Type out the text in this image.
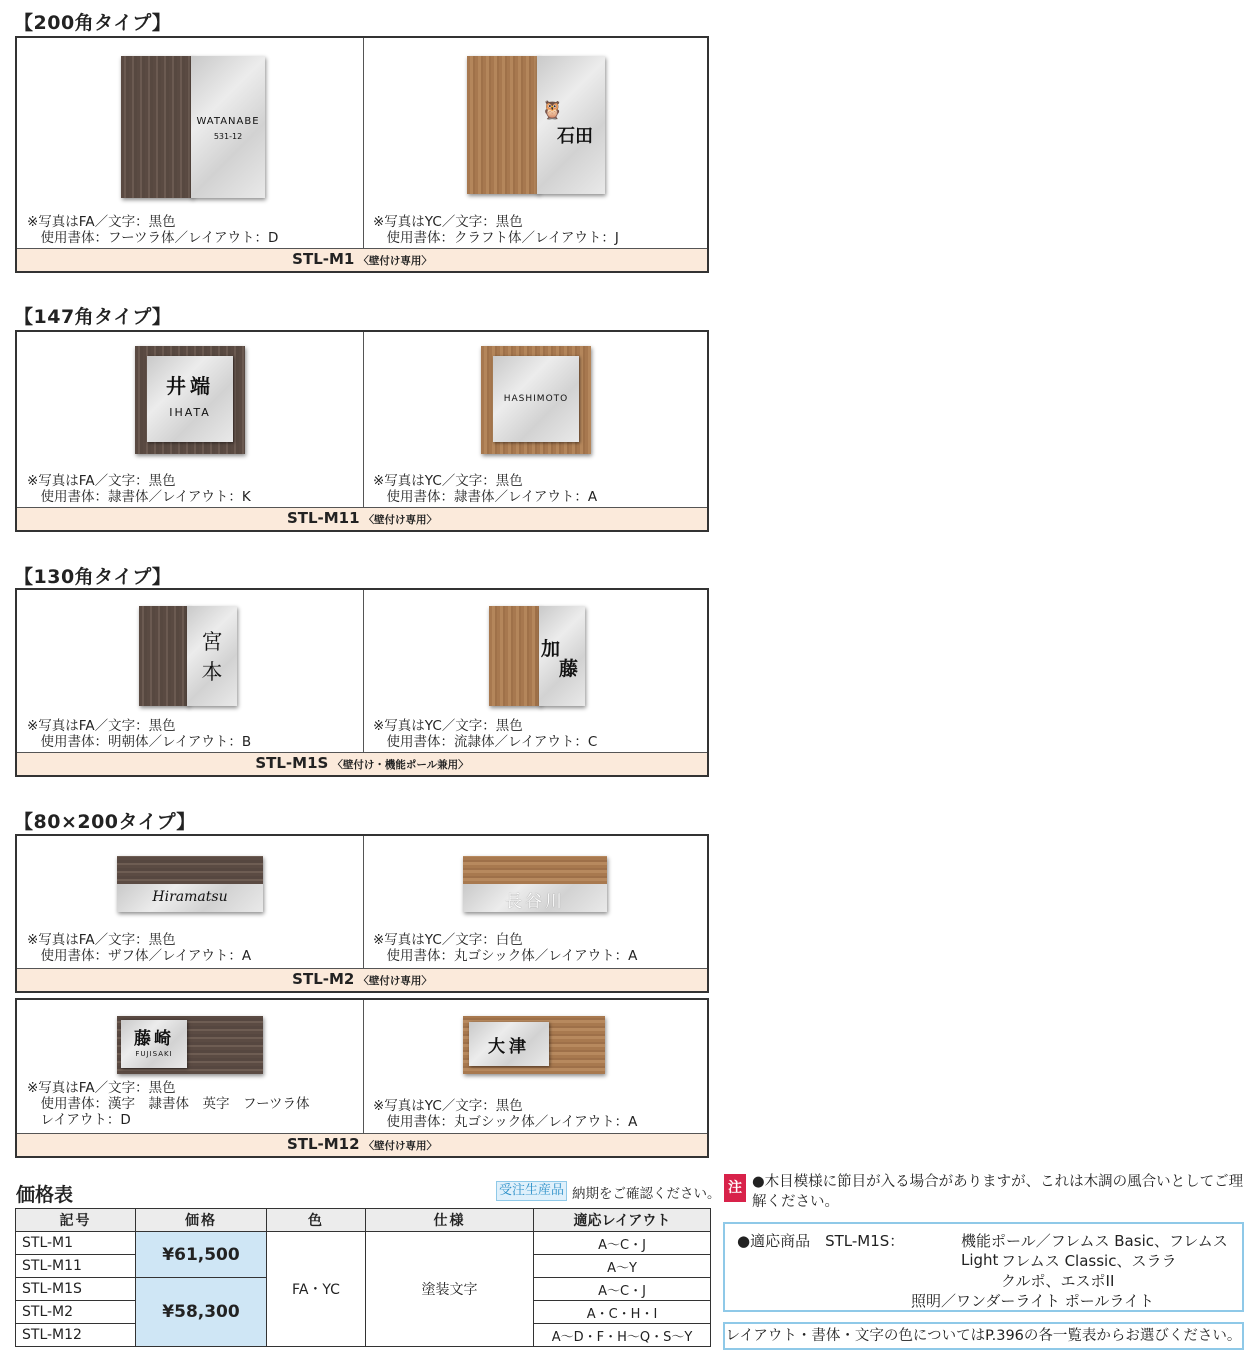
【200角タイプ】
WATANABE
531-12
※写真はFA／文字：黒色
　使用書体：フーツラ体／レイアウト：D
🦉
石田
※写真はYC／文字：黒色
　使用書体：クラフト体／レイアウト：J
STL-M1 〈壁付け専用〉
【147角タイプ】
井端
IHATA
※写真はFA／文字：黒色
　使用書体：隷書体／レイアウト：K
HASHIMOTO
※写真はYC／文字：黒色
　使用書体：隷書体／レイアウト：A
STL-M11 〈壁付け専用〉
【130角タイプ】
宮
本
※写真はFA／文字：黒色
　使用書体：明朝体／レイアウト：B
加
藤
※写真はYC／文字：黒色
　使用書体：流隷体／レイアウト：C
STL-M1S 〈壁付け・機能ポール兼用〉
【80×200タイプ】
Hiramatsu
※写真はFA／文字：黒色
　使用書体：ザフ体／レイアウト：A
長谷川
※写真はYC／文字：白色
　使用書体：丸ゴシック体／レイアウト：A
STL-M2 〈壁付け専用〉
藤崎
FUJISAKI
※写真はFA／文字：黒色
　使用書体：漢字　隷書体　英字　フーツラ体
　レイアウト：D
大津
※写真はYC／文字：黒色
　使用書体：丸ゴシック体／レイアウト：A
STL-M12 〈壁付け専用〉
価格表	受注生産品 納期をご確認ください。
記号	価格	色	仕様	適応レイアウト
STL-M1	¥61,500	FA・YC	塗装文字	A〜C・J
STL-M11				A〜Y
STL-M1S	¥58,300			A〜C・J
STL-M2				A・C・H・I
STL-M12				A〜D・F・H〜Q・S〜Y
注 ●木目模様に節目が入る場合がありますが、これは木調の風合いとしてご理解ください。
●適応商品　STL-M1S：	機能ポール／フレムス Basic、フレムス Light フレムス Classic、スララ
クルポ、エスポII
照明／ワンダーライト ポールライト
レイアウト・書体・文字の色についてはP.396の各一覧表からお選びください。
